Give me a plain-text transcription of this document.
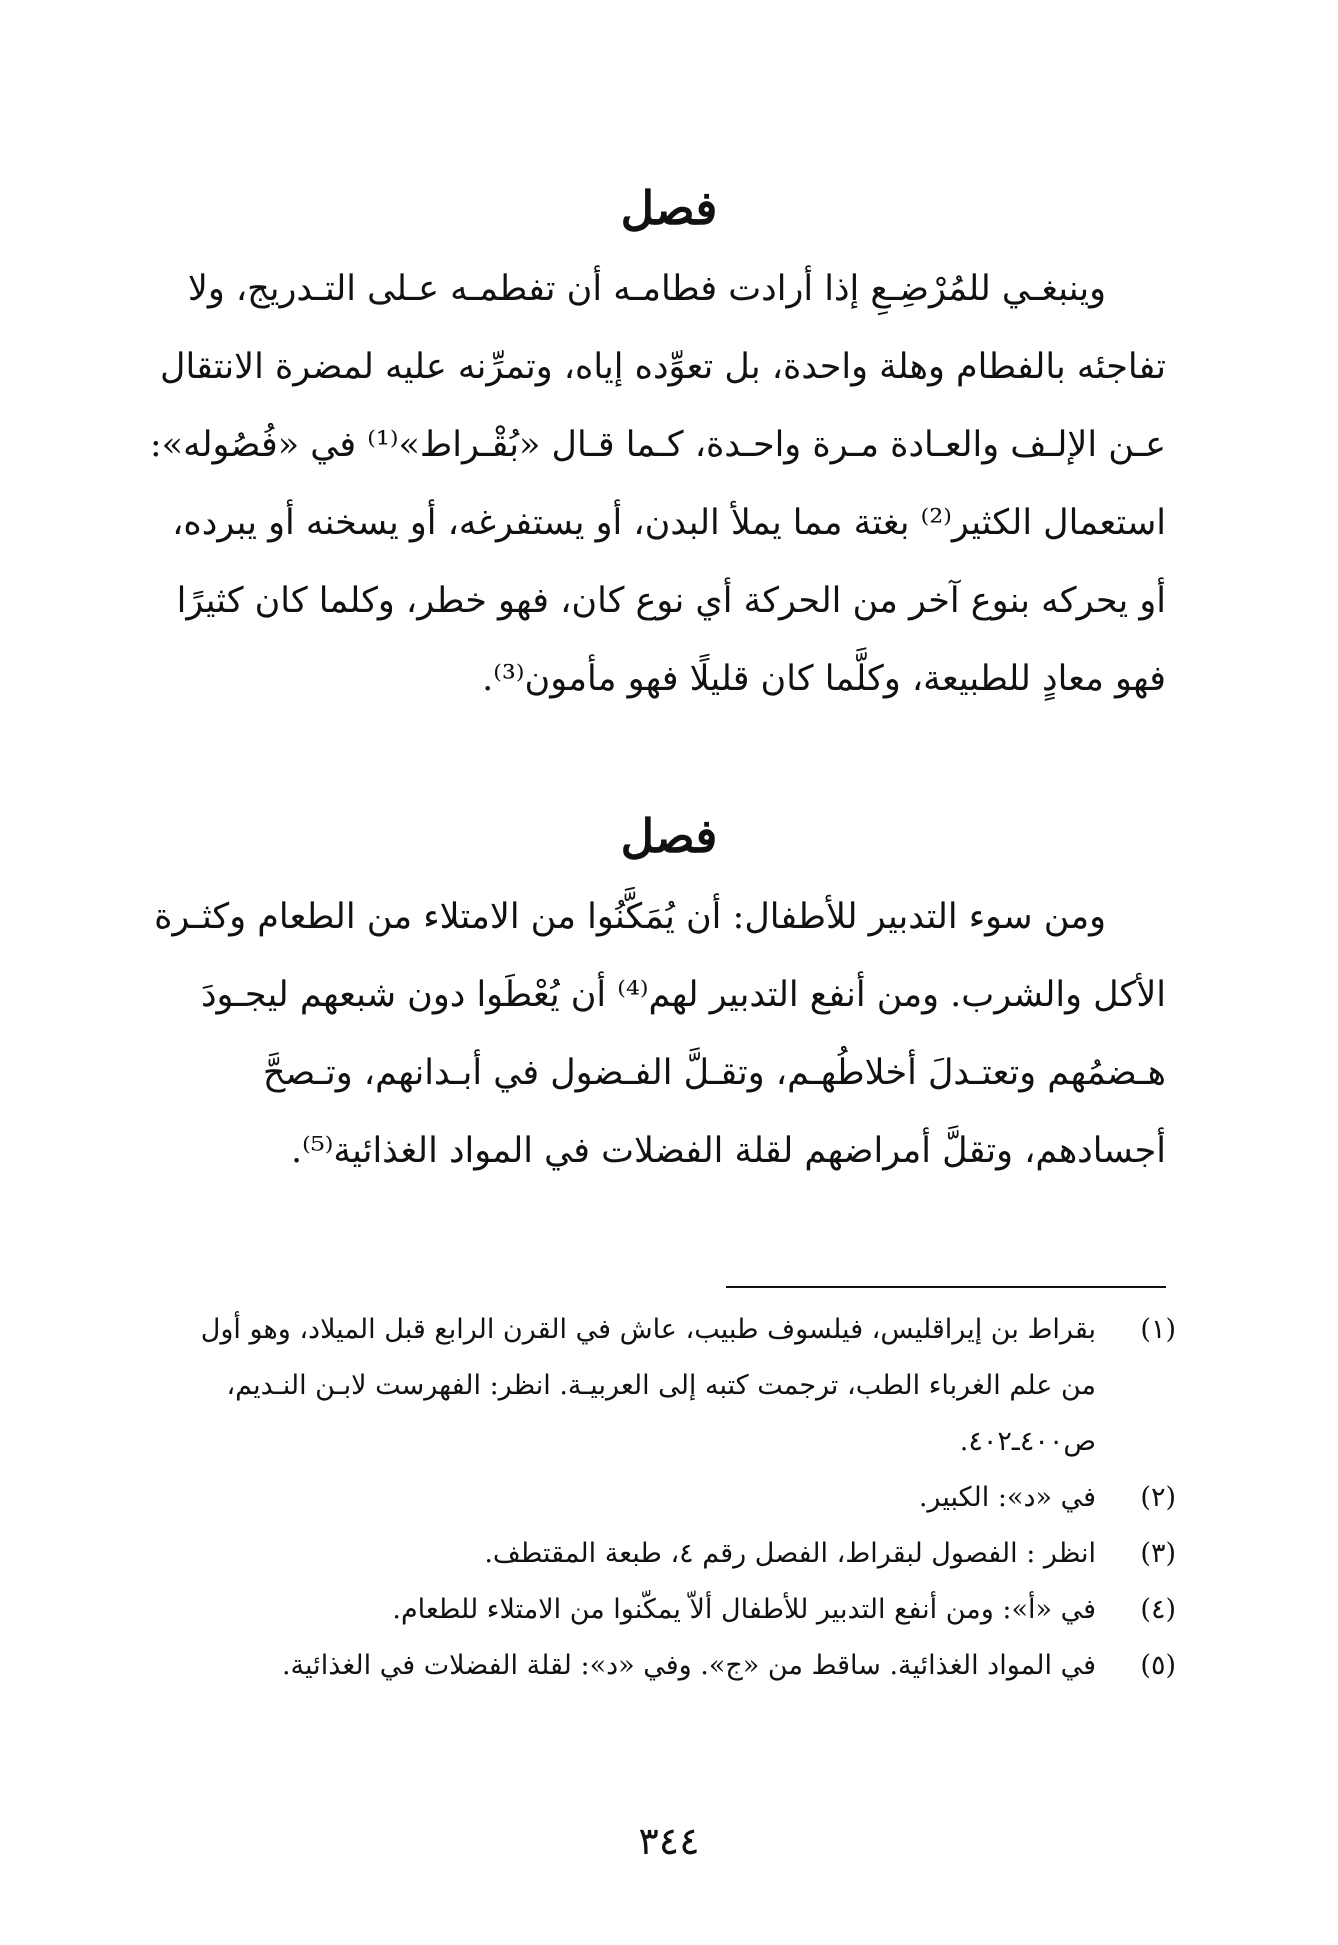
فصل

وينبغـي للمُرْضِـعِ إذا أرادت فطامـه أن تفطمـه عـلى التـدريج، ولا

تفاجئه بالفطام وهلة واحدة، بل تعوِّده إياه، وتمرِّنه عليه لمضرة الانتقال

عـن الإلـف والعـادة مـرة واحـدة، كـما قـال «بُقْـراط»⁽¹⁾ في «فُصُوله»:

استعمال الكثير⁽²⁾ بغتة مما يملأ البدن، أو يستفرغه، أو يسخنه أو يبرده،

أو يحركه بنوع آخر من الحركة أي نوع كان، فهو خطر، وكلما كان كثيرًا

فهو معادٍ للطبيعة، وكلَّما كان قليلًا فهو مأمون⁽³⁾.

فصل

ومن سوء التدبير للأطفال: أن يُمَكَّنُوا من الامتلاء من الطعام وكثـرة

الأكل والشرب. ومن أنفع التدبير لهم⁽⁴⁾ أن يُعْطَوا دون شبعهم ليجـودَ

هـضمُهم وتعتـدلَ أخلاطُهـم، وتقـلَّ الفـضول في أبـدانهم، وتـصحَّ

أجسادهم، وتقلَّ أمراضهم لقلة الفضلات في المواد الغذائية⁽⁵⁾.

(١)
بقراط بن إيراقليس، فيلسوف طبيب، عاش في القرن الرابع قبل الميلاد، وهو أول
من علم الغرباء الطب، ترجمت كتبه إلى العربيـة. انظر: الفهرست لابـن النـديم،
ص٤٠٠ـ٤٠٢.
(٢)
في «د»: الكبير.
(٣)
انظر : الفصول لبقراط، الفصل رقم ٤، طبعة المقتطف.
(٤)
في «أ»: ومن أنفع التدبير للأطفال ألاّ يمكّنوا من الامتلاء للطعام.
(٥)
في المواد الغذائية. ساقط من «ج». وفي «د»: لقلة الفضلات في الغذائية.
٣٤٤
